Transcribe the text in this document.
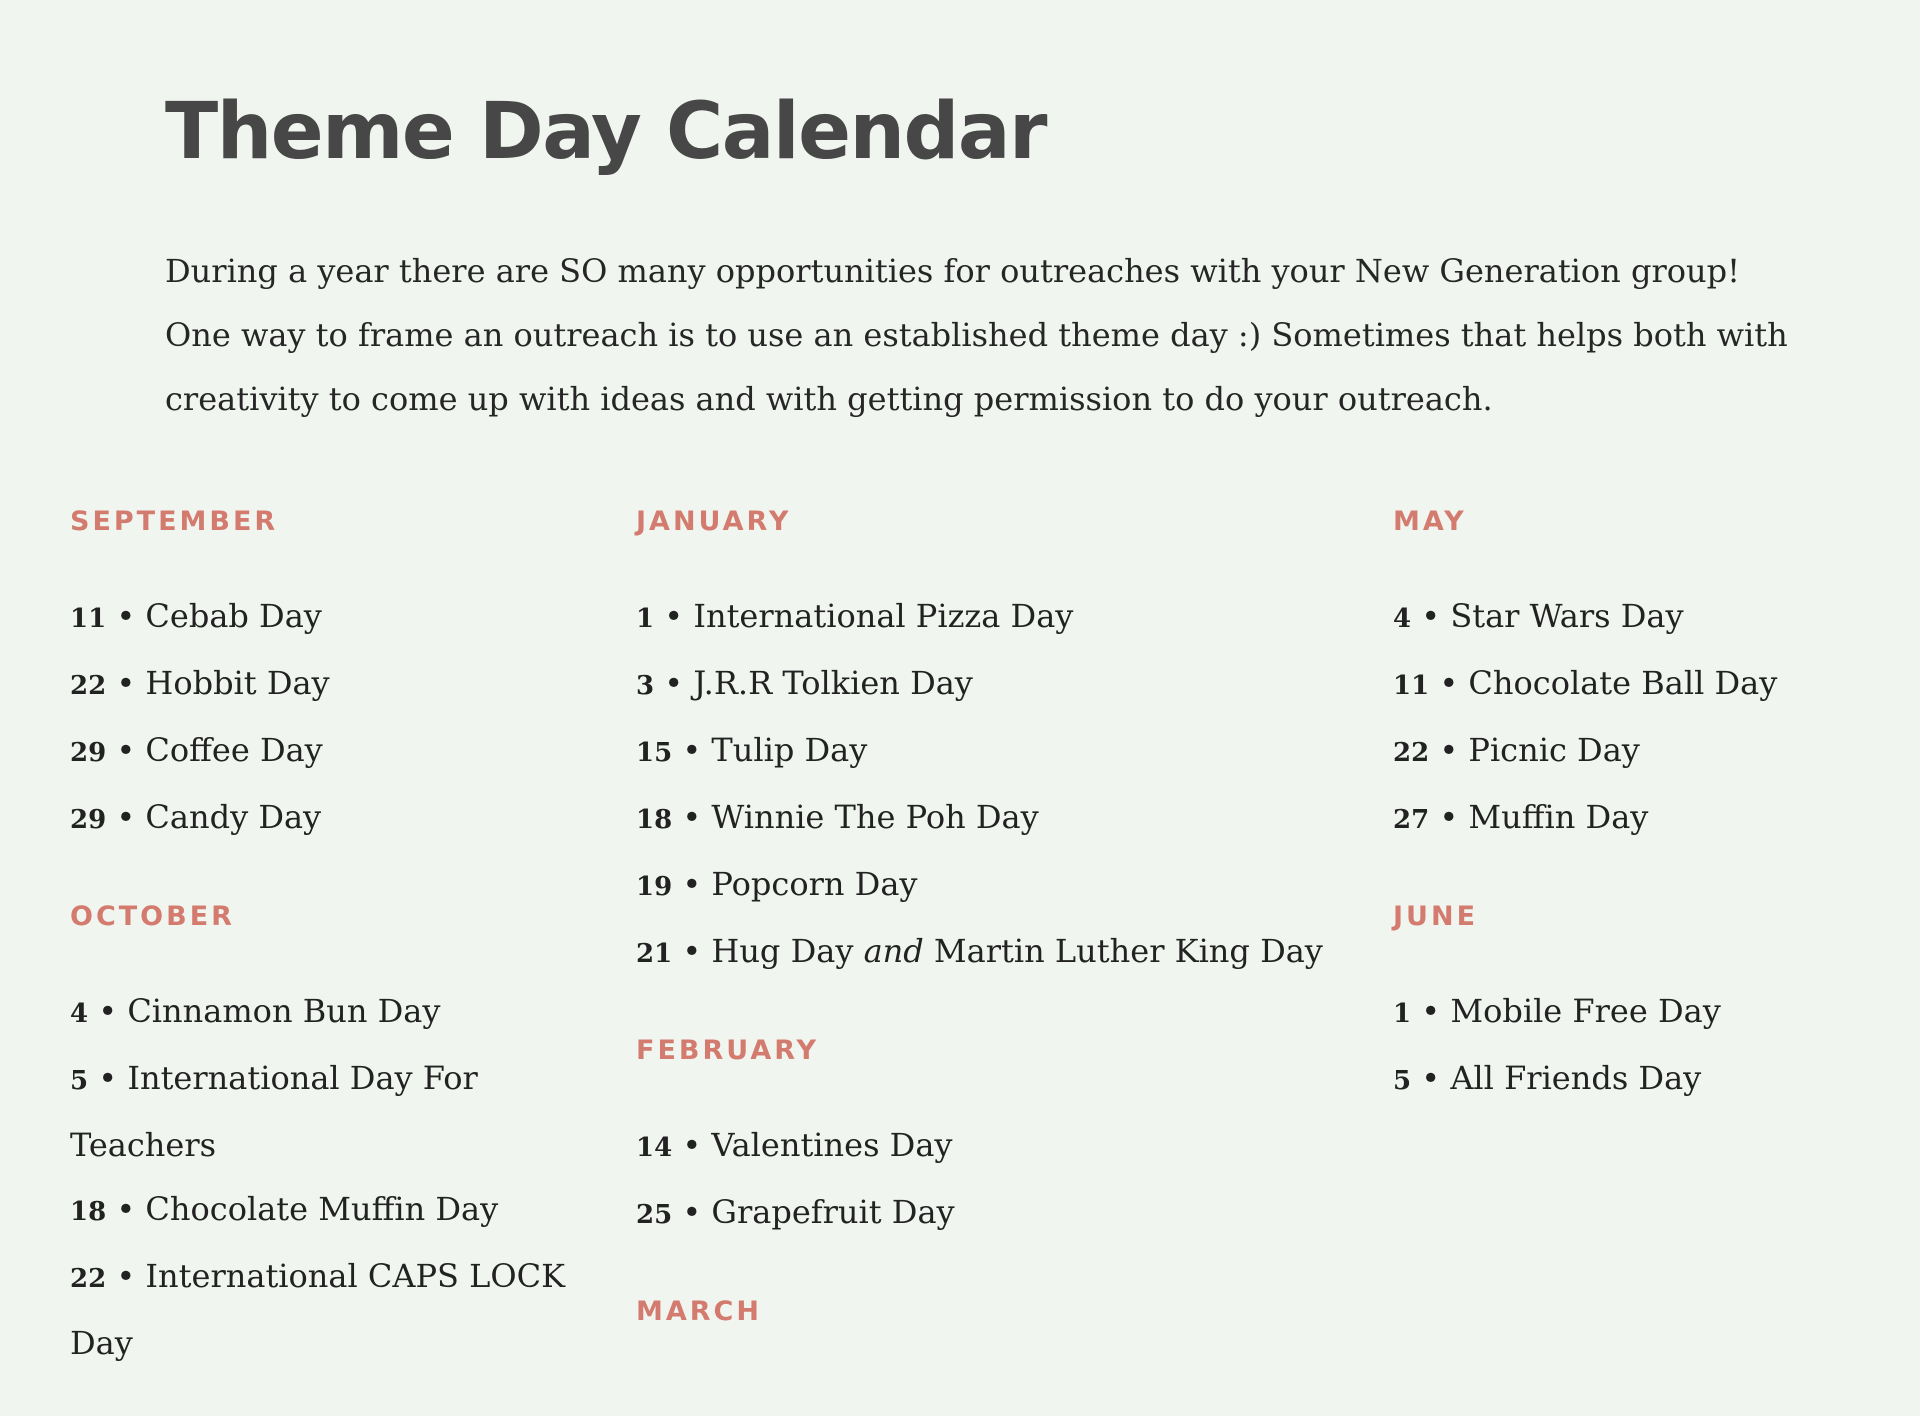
Theme Day Calendar

During a year there are SO many opportunities for outreaches with your New Generation group! One way to frame an outreach is to use an established theme day :) Sometimes that helps both with creativity to come up with ideas and with getting permission to do your outreach.

SEPTEMBER
11 • Cebab Day
22 • Hobbit Day
29 • Coffee Day
29 • Candy Day
OCTOBER
4 • Cinnamon Bun Day
5 • International Day For Teachers
18 • Chocolate Muffin Day
22 • International CAPS LOCK Day
JANUARY
1 • International Pizza Day
3 • J.R.R Tolkien Day
15 • Tulip Day
18 • Winnie The Poh Day
19 • Popcorn Day
21 • Hug Day and Martin Luther King Day
FEBRUARY
14 • Valentines Day
25 • Grapefruit Day
MARCH
MAY
4 • Star Wars Day
11 • Chocolate Ball Day
22 • Picnic Day
27 • Muffin Day
JUNE
1 • Mobile Free Day
5 • All Friends Day
